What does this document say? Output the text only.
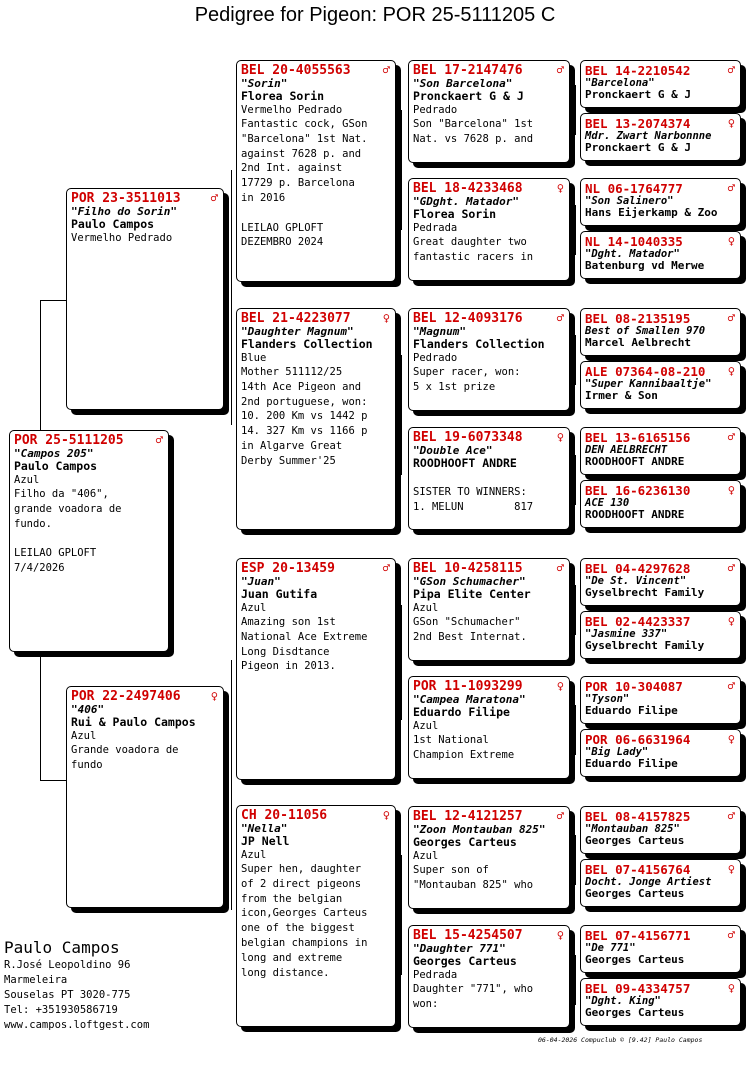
Pedigree for Pigeon: POR 25-5111205 C
POR 25-5111205	♂
"Campos 205"
Paulo Campos
Azul
Filho da "406",
grande voadora de
fundo.

LEILAO GPLOFT
7/4/2026
POR 23-3511013	♂
"Filho do Sorin"
Paulo Campos
Vermelho Pedrado
POR 22-2497406	♀
"406"
Rui & Paulo Campos
Azul
Grande voadora de
fundo
BEL 20-4055563	♂
"Sorin"
Florea Sorin
Vermelho Pedrado
Fantastic cock, GSon
"Barcelona" 1st Nat.
against 7628 p. and
2nd Int. against
17729 p. Barcelona
in 2016

LEILAO GPLOFT
DEZEMBRO 2024
BEL 21-4223077	♀
"Daughter Magnum"
Flanders Collection
Blue
Mother 511112/25
14th Ace Pigeon and
2nd portuguese, won:
10. 200 Km vs 1442 p
14. 327 Km vs 1166 p
in Algarve Great
Derby Summer'25
ESP 20-13459	♂
"Juan"
Juan Gutifa
Azul
Amazing son 1st
National Ace Extreme
Long Disdtance
Pigeon in 2013.
CH 20-11056	♀
"Nella"
JP Nell
Azul
Super hen, daughter
of 2 direct pigeons
from the belgian
icon,Georges Carteus
one of the biggest
belgian champions in
long and extreme
long distance.
BEL 17-2147476	♂
"Son Barcelona"
Pronckaert G & J
Pedrado
Son "Barcelona" 1st
Nat. vs 7628 p. and
BEL 18-4233468	♀
"GDght. Matador"
Florea Sorin
Pedrada
Great daughter two
fantastic racers in
BEL 12-4093176	♂
"Magnum"
Flanders Collection
Pedrado
Super racer, won:
5 x 1st prize
BEL 19-6073348	♀
"Double Ace"
ROODHOOFT ANDRE

SISTER TO WINNERS:
1. MELUN        817
BEL 10-4258115	♂
"GSon Schumacher"
Pipa Elite Center
Azul
GSon "Schumacher"
2nd Best Internat.
POR 11-1093299	♀
"Campea Maratona"
Eduardo Filipe
Azul
1st National
Champion Extreme
BEL 12-4121257	♂
"Zoon Montauban 825"
Georges Carteus
Azul
Super son of
"Montauban 825" who
BEL 15-4254507	♀
"Daughter 771"
Georges Carteus
Pedrada
Daughter "771", who
won:
BEL 14-2210542	♂
"Barcelona"
Pronckaert G & J
BEL 13-2074374	♀
Mdr. Zwart Narbonnne
Pronckaert G & J
NL 06-1764777	♂
"Son Salinero"
Hans Eijerkamp & Zoo
NL 14-1040335	♀
"Dght. Matador"
Batenburg vd Merwe
BEL 08-2135195	♂
Best of Smallen 970
Marcel Aelbrecht
ALE 07364-08-210	♀
"Super Kannibaaltje"
Irmer & Son
BEL 13-6165156	♂
DEN AELBRECHT
ROODHOOFT ANDRE
BEL 16-6236130	♀
ACE 130
ROODHOOFT ANDRE
BEL 04-4297628	♂
"De St. Vincent"
Gyselbrecht Family
BEL 02-4423337	♀
"Jasmine 337"
Gyselbrecht Family
POR 10-304087	♂
"Tyson"
Eduardo Filipe
POR 06-6631964	♀
"Big Lady"
Eduardo Filipe
BEL 08-4157825	♂
"Montauban 825"
Georges Carteus
BEL 07-4156764	♀
Docht. Jonge Artiest
Georges Carteus
BEL 07-4156771	♂
"De 771"
Georges Carteus
BEL 09-4334757	♀
"Dght. King"
Georges Carteus
Paulo Campos
R.José Leopoldino 96
Marmeleira
Souselas PT 3020-775
Tel: +351930586719
www.campos.loftgest.com
06-04-2026 Compuclub © [9.42] Paulo Campos
